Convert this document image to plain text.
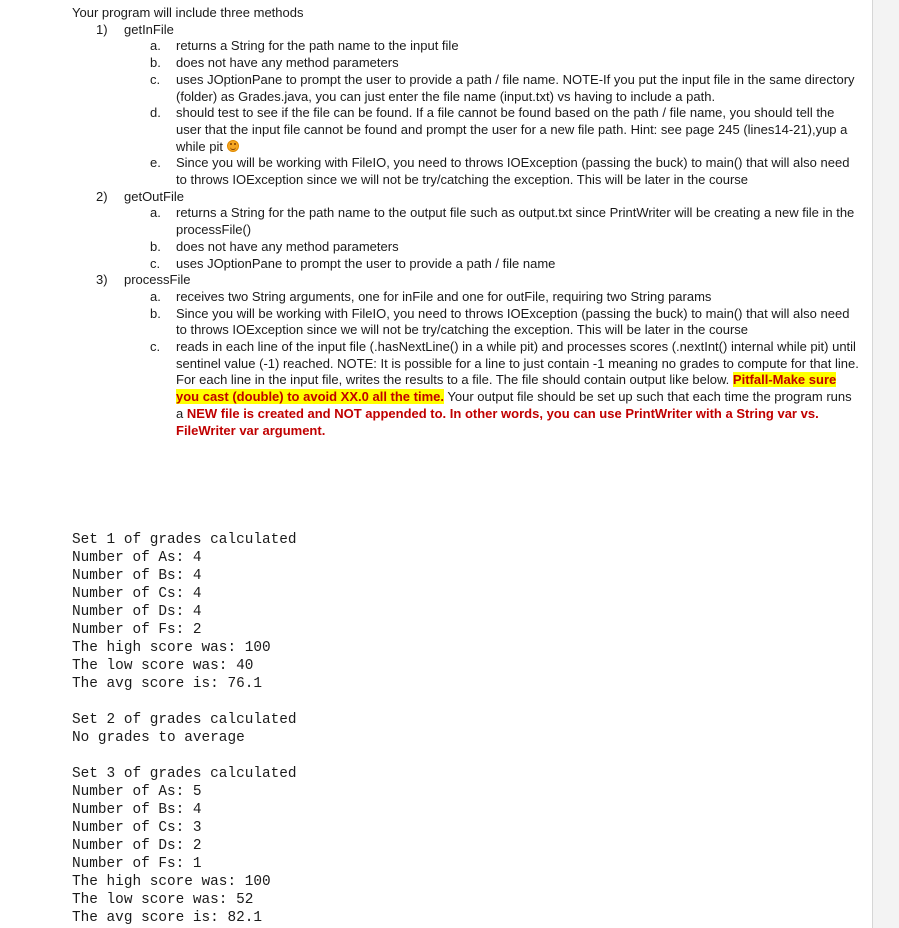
Your program will include three methods

1) getInFile
a. returns a String for the path name to the input file
b. does not have any method parameters
c. uses JOptionPane to prompt the user to provide a path / file name. NOTE-If you put the input file in the same directory (folder) as Grades.java, you can just enter the file name (input.txt) vs having to include a path.
d. should test to see if the file can be found. If a file cannot be found based on the path / file name, you should tell the user that the input file cannot be found and prompt the user for a new file path. Hint: see page 245 (lines14-21),yup a while pit
e. Since you will be working with FileIO, you need to throws IOException (passing the buck) to main() that will also need to throws IOException since we will not be try/catching the exception. This will be later in the course
2) getOutFile
a. returns a String for the path name to the output file such as output.txt since PrintWriter will be creating a new file in the processFile()
b. does not have any method parameters
c. uses JOptionPane to prompt the user to provide a path / file name
3) processFile
a. receives two String arguments, one for inFile and one for outFile, requiring two String params
b. Since you will be working with FileIO, you need to throws IOException (passing the buck) to main() that will also need to throws IOException since we will not be try/catching the exception. This will be later in the course
c. reads in each line of the input file (.hasNextLine() in a while pit) and processes scores (.nextInt() internal while pit) until sentinel value (-1) reached. NOTE: It is possible for a line to just contain -1 meaning no grades to compute for that line. For each line in the input file, writes the results to a file. The file should contain output like below. Pitfall-Make sure you cast (double) to avoid XX.0 all the time. Your output file should be set up such that each time the program runs a NEW file is created and NOT appended to. In other words, you can use PrintWriter with a String var vs. FileWriter var argument.
Set 1 of grades calculated
Number of As: 4
Number of Bs: 4
Number of Cs: 4
Number of Ds: 4
Number of Fs: 2
The high score was: 100
The low score was: 40
The avg score is: 76.1
Set 2 of grades calculated
No grades to average
Set 3 of grades calculated
Number of As: 5
Number of Bs: 4
Number of Cs: 3
Number of Ds: 2
Number of Fs: 1
The high score was: 100
The low score was: 52
The avg score is: 82.1
